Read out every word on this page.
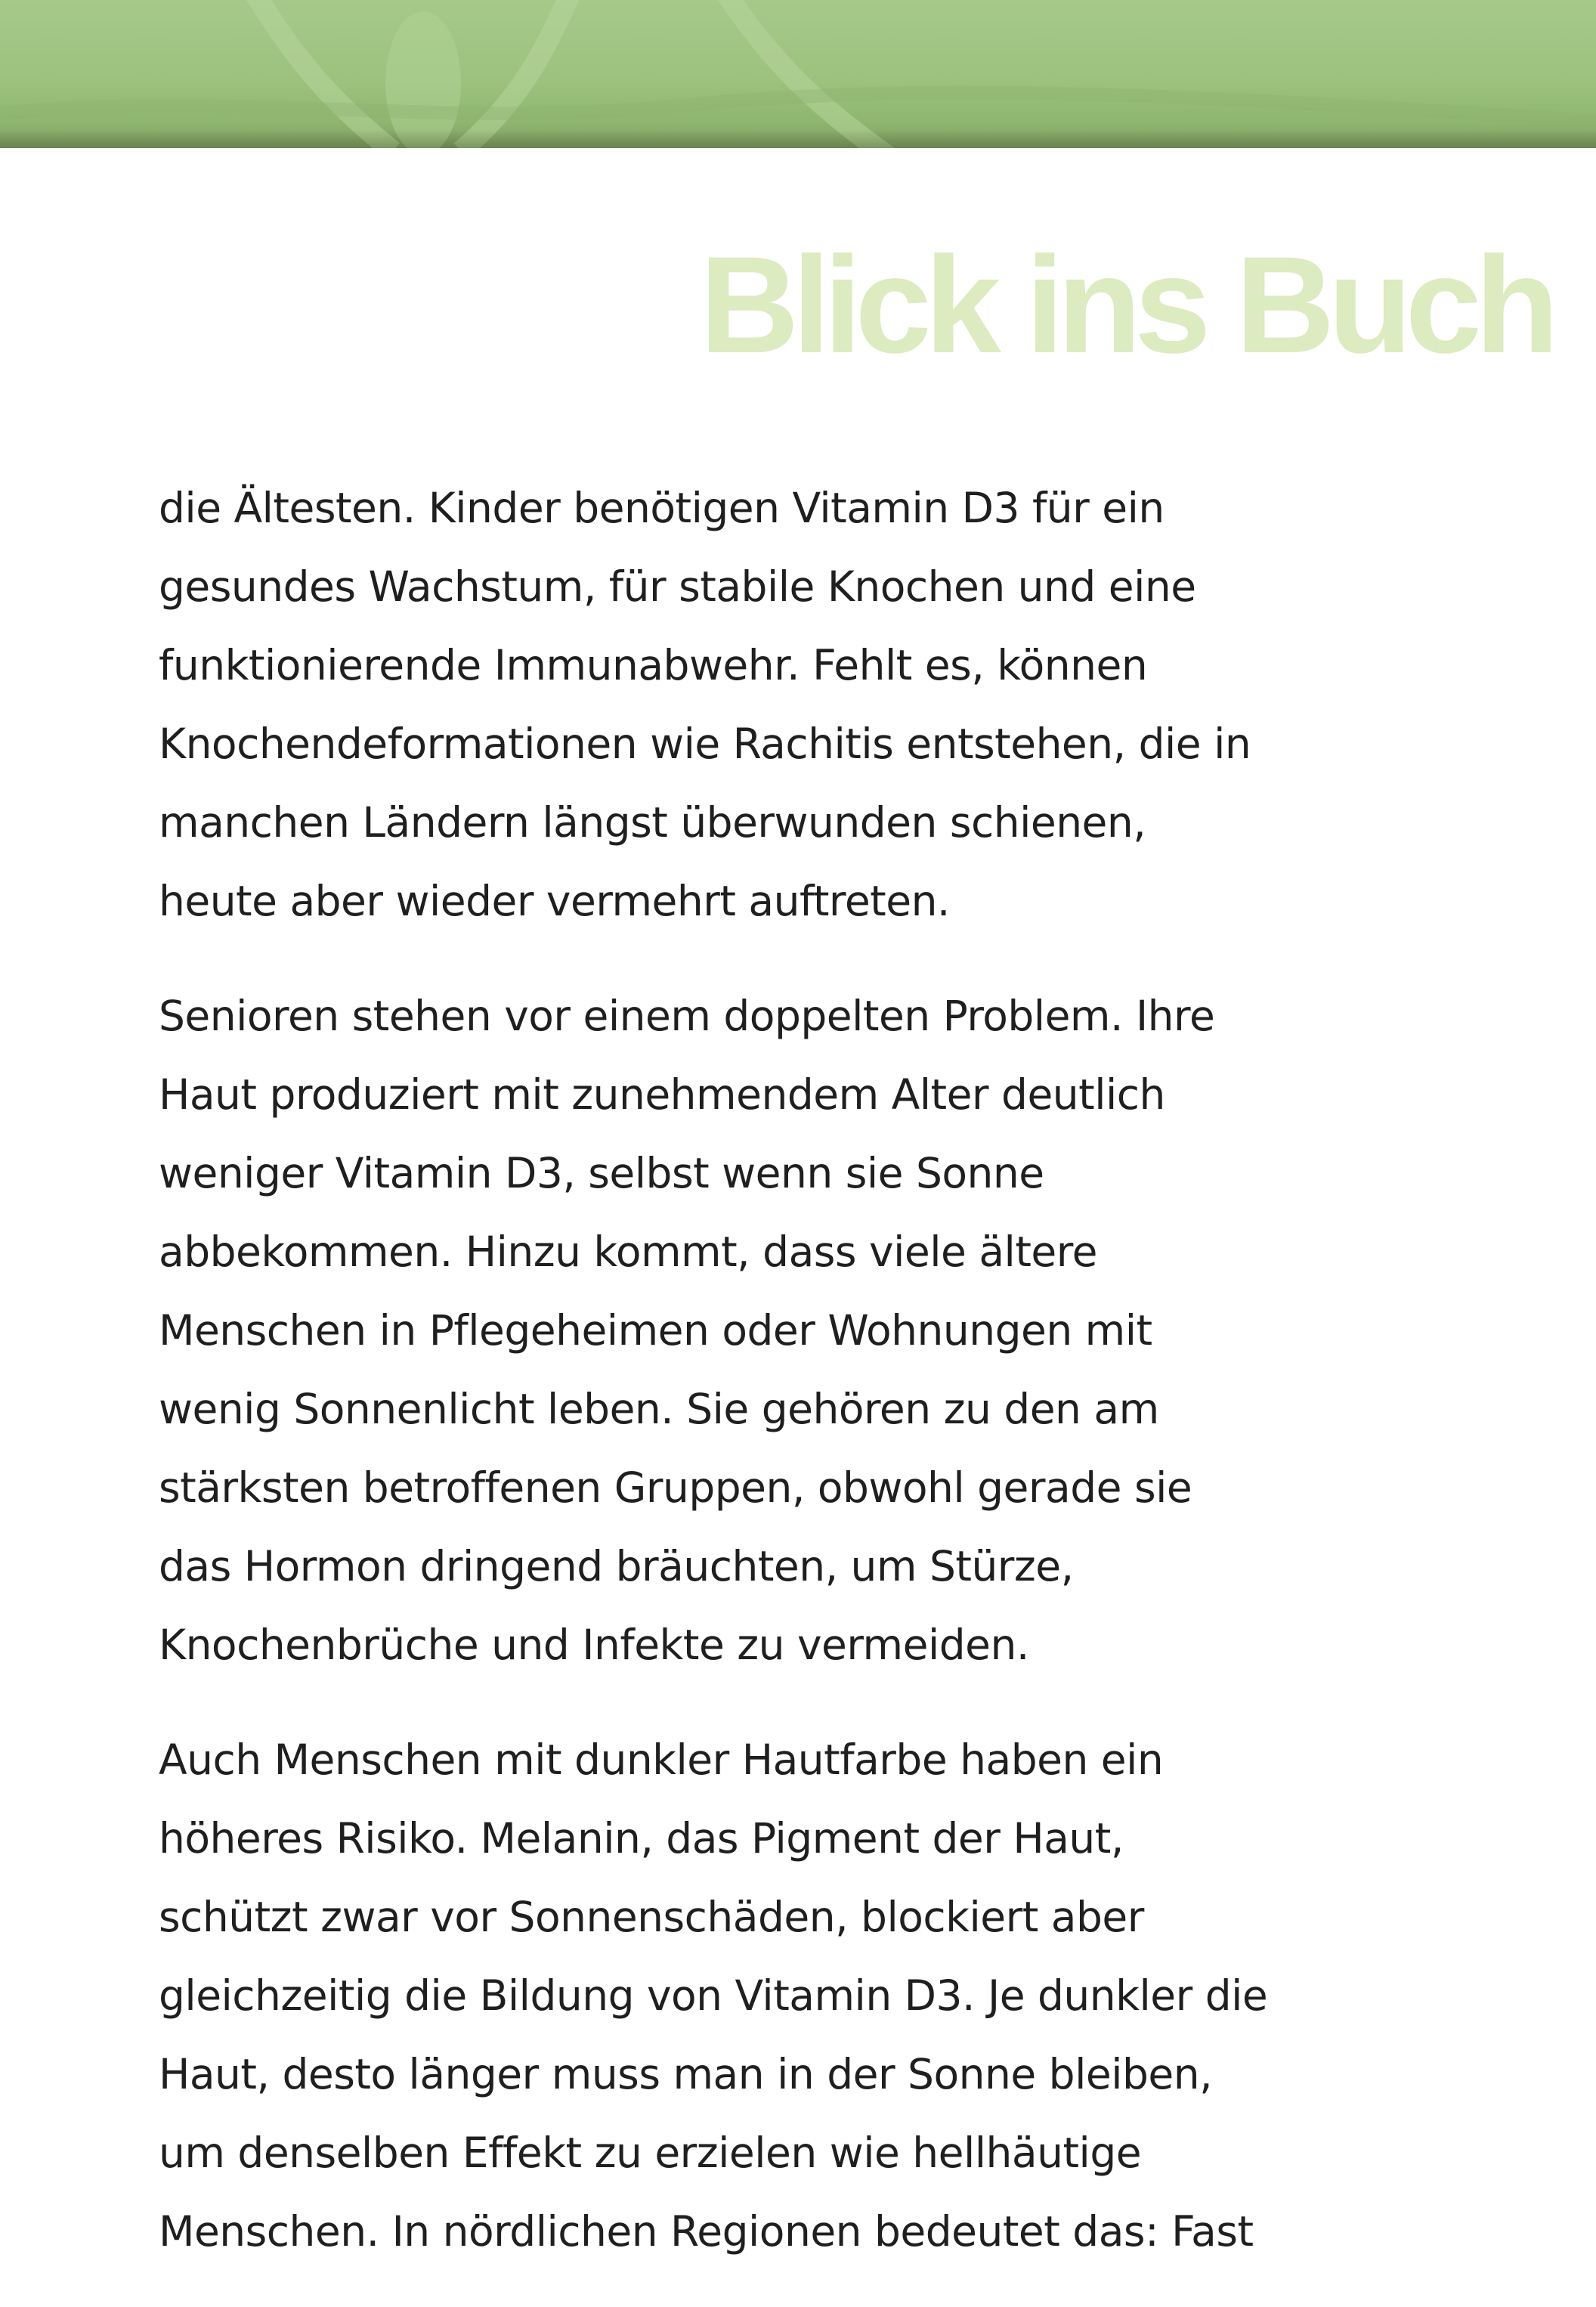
Blick ins Buch

die Ältesten. Kinder benötigen Vitamin D3 für ein
gesundes Wachstum, für stabile Knochen und eine
funktionierende Immunabwehr. Fehlt es, können
Knochendeformationen wie Rachitis entstehen, die in
manchen Ländern längst überwunden schienen,
heute aber wieder vermehrt auftreten.

Senioren stehen vor einem doppelten Problem. Ihre
Haut produziert mit zunehmendem Alter deutlich
weniger Vitamin D3, selbst wenn sie Sonne
abbekommen. Hinzu kommt, dass viele ältere
Menschen in Pflegeheimen oder Wohnungen mit
wenig Sonnenlicht leben. Sie gehören zu den am
stärksten betroffenen Gruppen, obwohl gerade sie
das Hormon dringend bräuchten, um Stürze,
Knochenbrüche und Infekte zu vermeiden.

Auch Menschen mit dunkler Hautfarbe haben ein
höheres Risiko. Melanin, das Pigment der Haut,
schützt zwar vor Sonnenschäden, blockiert aber
gleichzeitig die Bildung von Vitamin D3. Je dunkler die
Haut, desto länger muss man in der Sonne bleiben,
um denselben Effekt zu erzielen wie hellhäutige
Menschen. In nördlichen Regionen bedeutet das: Fast
